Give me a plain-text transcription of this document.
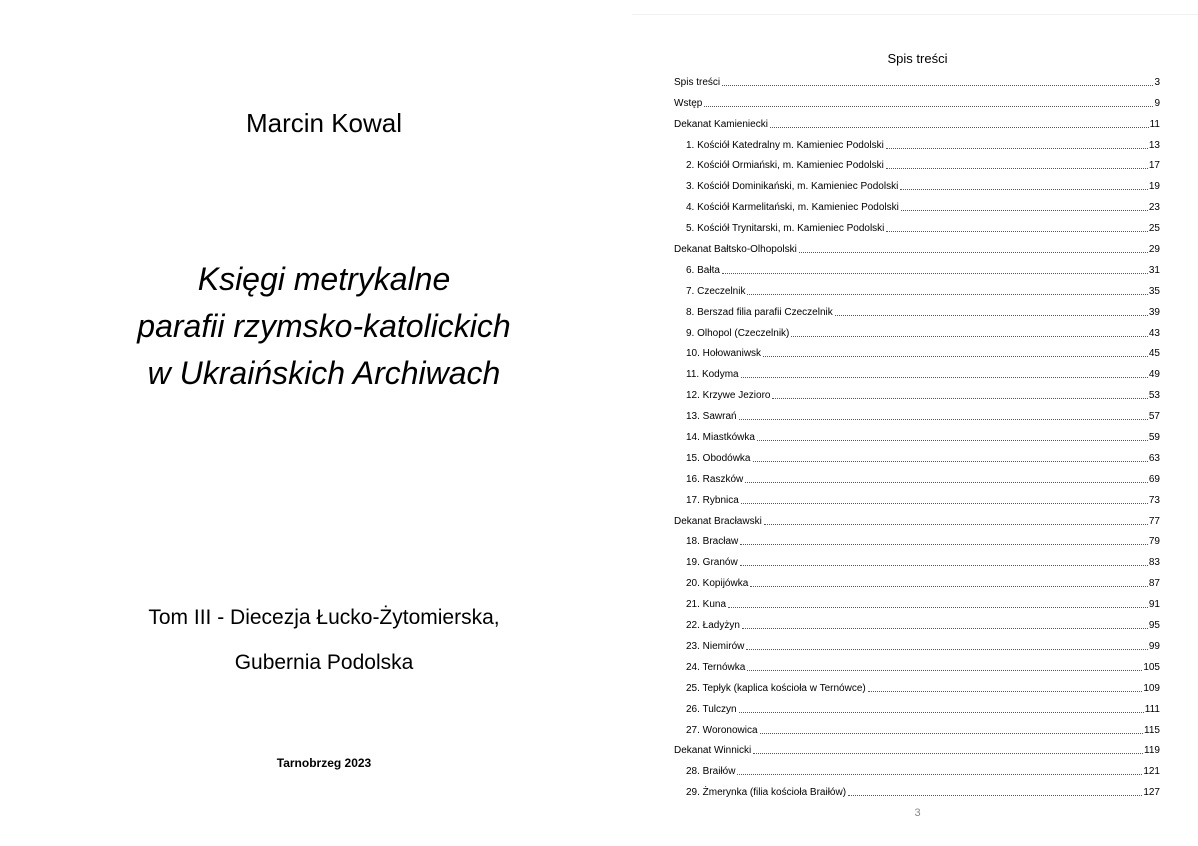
Marcin Kowal
Księgi metrykalne
parafii rzymsko-katolickich
w Ukraińskich Archiwach
Tom III - Diecezja Łucko-Żytomierska,
Gubernia Podolska
Tarnobrzeg 2023
Spis treści
Spis treści	3
Wstęp	9
Dekanat Kamieniecki	11
1. Kościół Katedralny m. Kamieniec Podolski	13
2. Kościół Ormiański, m. Kamieniec Podolski	17
3. Kościół Dominikański, m. Kamieniec Podolski	19
4. Kościół Karmelitański, m. Kamieniec Podolski	23
5. Kościół Trynitarski, m. Kamieniec Podolski	25
Dekanat Bałtsko-Olhopolski	29
6. Bałta	31
7. Czeczelnik	35
8. Berszad filia parafii Czeczelnik	39
9. Olhopol (Czeczelnik)	43
10. Hołowaniwsk	45
11. Kodyma	49
12. Krzywe Jezioro	53
13. Sawrań	57
14. Miastkówka	59
15. Obodówka	63
16. Raszków	69
17. Rybnica	73
Dekanat Bracławski	77
18. Bracław	79
19. Granów	83
20. Kopijówka	87
21. Kuna	91
22. Ładyżyn	95
23. Niemirów	99
24. Ternówka	105
25. Tepłyk (kaplica kościoła w Ternówce)	109
26. Tulczyn	111
27. Woronowica	115
Dekanat Winnicki	119
28. Braiłów	121
29. Żmerynka (filia kościoła Braiłów)	127
3
